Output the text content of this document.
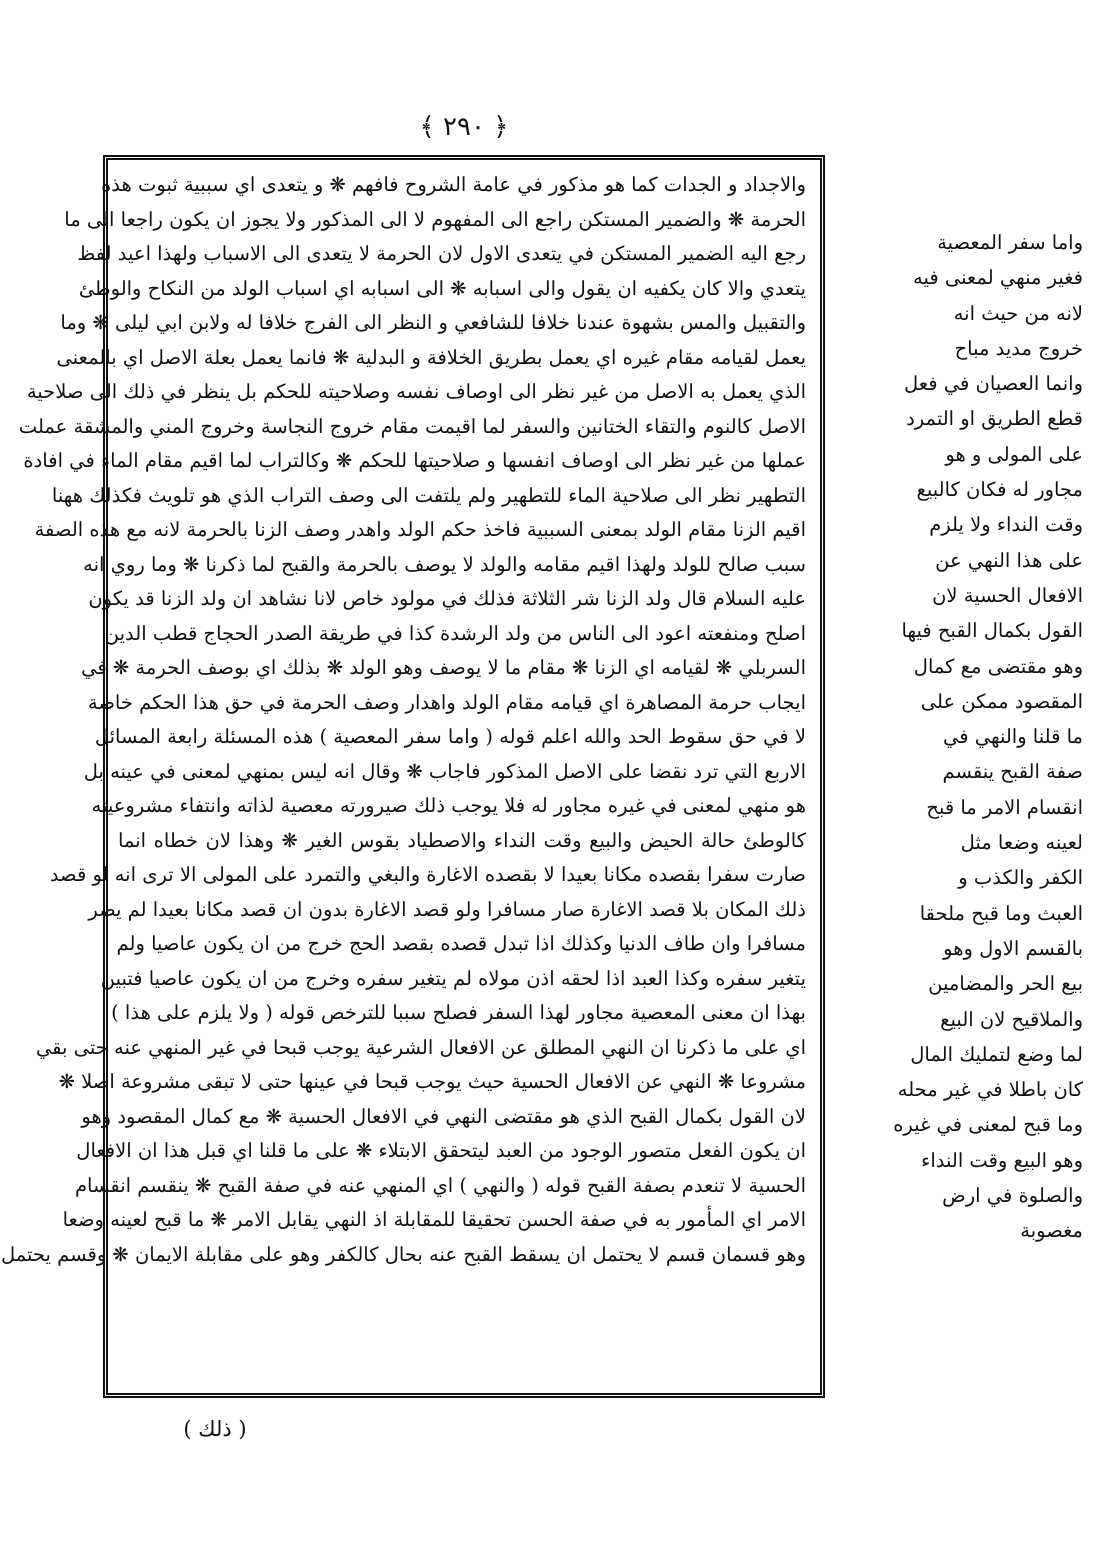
﴾ ٢٩٠ ﴿
والاجداد و الجدات كما هو مذكور في عامة الشروح فافهم ❋ و يتعدى اي سببية ثبوت هذه
الحرمة ❋ والضمير المستكن راجع الى المفهوم لا الى المذكور ولا يجوز ان يكون راجعا الى ما
رجع اليه الضمير المستكن في يتعدى الاول لان الحرمة لا يتعدى الى الاسباب ولهذا اعيد لفظ
يتعدي والا كان يكفيه ان يقول والى اسبابه ❋ الى اسبابه اي اسباب الولد من النكاح والوطئ
والتقبيل والمس بشهوة عندنا خلافا للشافعي و النظر الى الفرج خلافا له ولابن ابي ليلى ❋ وما
يعمل لقيامه مقام غيره اي يعمل بطريق الخلافة و البدلية ❋ فانما يعمل بعلة الاصل اي بالمعنى
الذي يعمل به الاصل من غير نظر الى اوصاف نفسه وصلاحيته للحكم بل ينظر في ذلك الى صلاحية
الاصل كالنوم والتقاء الختانين والسفر لما اقيمت مقام خروج النجاسة وخروج المني والمشقة عملت
عملها من غير نظر الى اوصاف انفسها و صلاحيتها للحكم ❋ وكالتراب لما اقيم مقام الماء في افادة
التطهير نظر الى صلاحية الماء للتطهير ولم يلتفت الى وصف التراب الذي هو تلويث فكذلك ههنا
اقيم الزنا مقام الولد بمعنى السببية فاخذ حكم الولد واهدر وصف الزنا بالحرمة لانه مع هذه الصفة
سبب صالح للولد ولهذا اقيم مقامه والولد لا يوصف بالحرمة والقبح لما ذكرنا ❋ وما روي انه
عليه السلام قال ولد الزنا شر الثلاثة فذلك في مولود خاص لانا نشاهد ان ولد الزنا قد يكون
اصلح ومنفعته اعود الى الناس من ولد الرشدة كذا في طريقة الصدر الحجاج قطب الدين
السربلي ❋ لقيامه اي الزنا ❋ مقام ما لا يوصف وهو الولد ❋ بذلك اي بوصف الحرمة ❋ في
ايجاب حرمة المصاهرة اي قيامه مقام الولد واهدار وصف الحرمة في حق هذا الحكم خاصة
لا في حق سقوط الحد والله اعلم قوله ( واما سفر المعصية ) هذه المسئلة رابعة المسائل
الاربع التي ترد نقضا على الاصل المذكور فاجاب ❋ وقال انه ليس بمنهي لمعنى في عينه بل
هو منهي لمعنى في غيره مجاور له فلا يوجب ذلك صيرورته معصية لذاته وانتفاء مشروعيته
كالوطئ حالة الحيض والبيع وقت النداء والاصطياد بقوس الغير ❋ وهذا لان خطاه انما
صارت سفرا بقصده مكانا بعيدا لا بقصده الاغارة والبغي والتمرد على المولى الا ترى انه لو قصد
ذلك المكان بلا قصد الاغارة صار مسافرا ولو قصد الاغارة بدون ان قصد مكانا بعيدا لم يصر
مسافرا وان طاف الدنيا وكذلك اذا تبدل قصده بقصد الحج خرج من ان يكون عاصيا ولم
يتغير سفره وكذا العبد اذا لحقه اذن مولاه لم يتغير سفره وخرج من ان يكون عاصيا فتبين
بهذا ان معنى المعصية مجاور لهذا السفر فصلح سببا للترخص قوله ( ولا يلزم على هذا )
اي على ما ذكرنا ان النهي المطلق عن الافعال الشرعية يوجب قبحا في غير المنهي عنه حتى بقي
مشروعا ❋ النهي عن الافعال الحسية حيث يوجب قبحا في عينها حتى لا تبقى مشروعة اصلا ❋
لان القول بكمال القبح الذي هو مقتضى النهي في الافعال الحسية ❋ مع كمال المقصود وهو
ان يكون الفعل متصور الوجود من العبد ليتحقق الابتلاء ❋ على ما قلنا اي قبل هذا ان الافعال
الحسية لا تنعدم بصفة القبح قوله ( والنهي ) اي المنهي عنه في صفة القبح ❋ ينقسم انقسام
الامر اي المأمور به في صفة الحسن تحقيقا للمقابلة اذ النهي يقابل الامر ❋ ما قبح لعينه وضعا
وهو قسمان قسم لا يحتمل ان يسقط القبح عنه بحال كالكفر وهو على مقابلة الايمان ❋ وقسم يحتمل
واما سفر المعصية
فغير منهي لمعنى فيه
لانه من حيث انه
خروج مديد مباح
وانما العصيان في فعل
قطع الطريق او التمرد
على المولى و هو
مجاور له فكان كالبيع
وقت النداء ولا يلزم
على هذا النهي عن
الافعال الحسية لان
القول بكمال القبح فيها
وهو مقتضى مع كمال
المقصود ممكن على
ما قلنا والنهي في
صفة القبح ينقسم
انقسام الامر ما قبح
لعينه وضعا مثل
الكفر والكذب و
العبث وما قبح ملحقا
بالقسم الاول وهو
بيع الحر والمضامين
والملاقيح لان البيع
لما وضع لتمليك المال
كان باطلا في غير محله
وما قبح لمعنى في غيره
وهو البيع وقت النداء
والصلوة في ارض
مغصوبة
( ذلك )
